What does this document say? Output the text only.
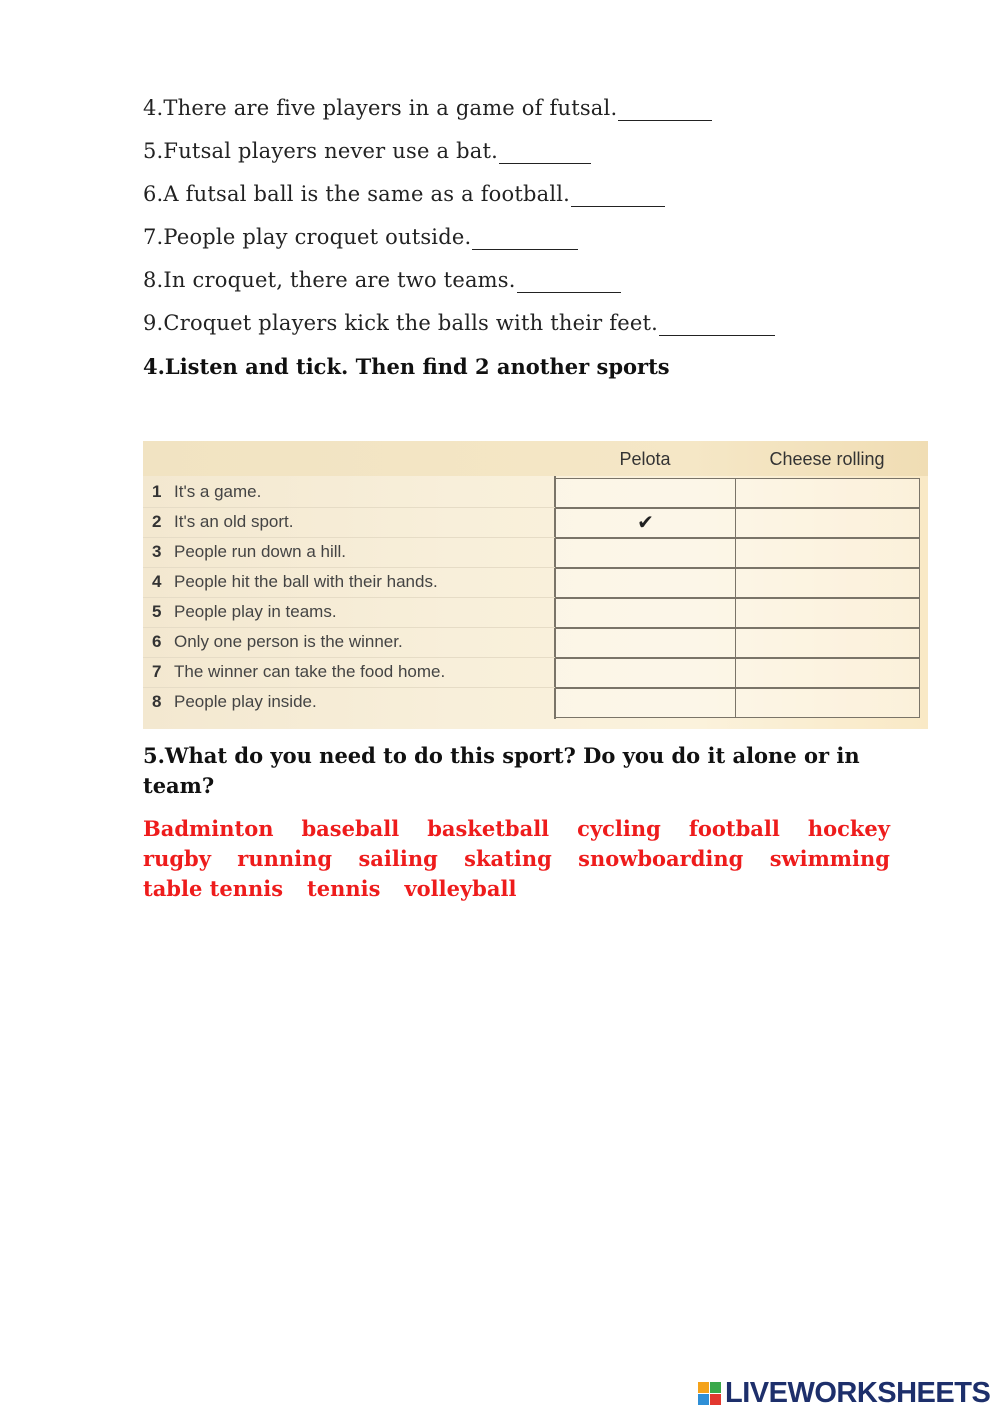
4.There are five players in a game of futsal.
5.Futsal players never use a bat.
6.A futsal ball is the same as a football.
7.People play croquet outside.
8.In croquet, there are two teams.
9.Croquet players kick the balls with their feet.
4.Listen and tick. Then find 2 another sports
Pelota	Cheese rolling
1 It's a game.
2 It's an old sport.	✔
3 People run down a hill.
4 People hit the ball with their hands.
5 People play in teams.
6 Only one person is the winner.
7 The winner can take the food home.
8 People play inside.
5.What do you need to do this sport? Do you do it alone or in
team?
Badminton baseball basketball cycling football hockey
rugby running sailing skating snowboarding swimming
table tennis tennis volleyball
LIVEWORKSHEETS
